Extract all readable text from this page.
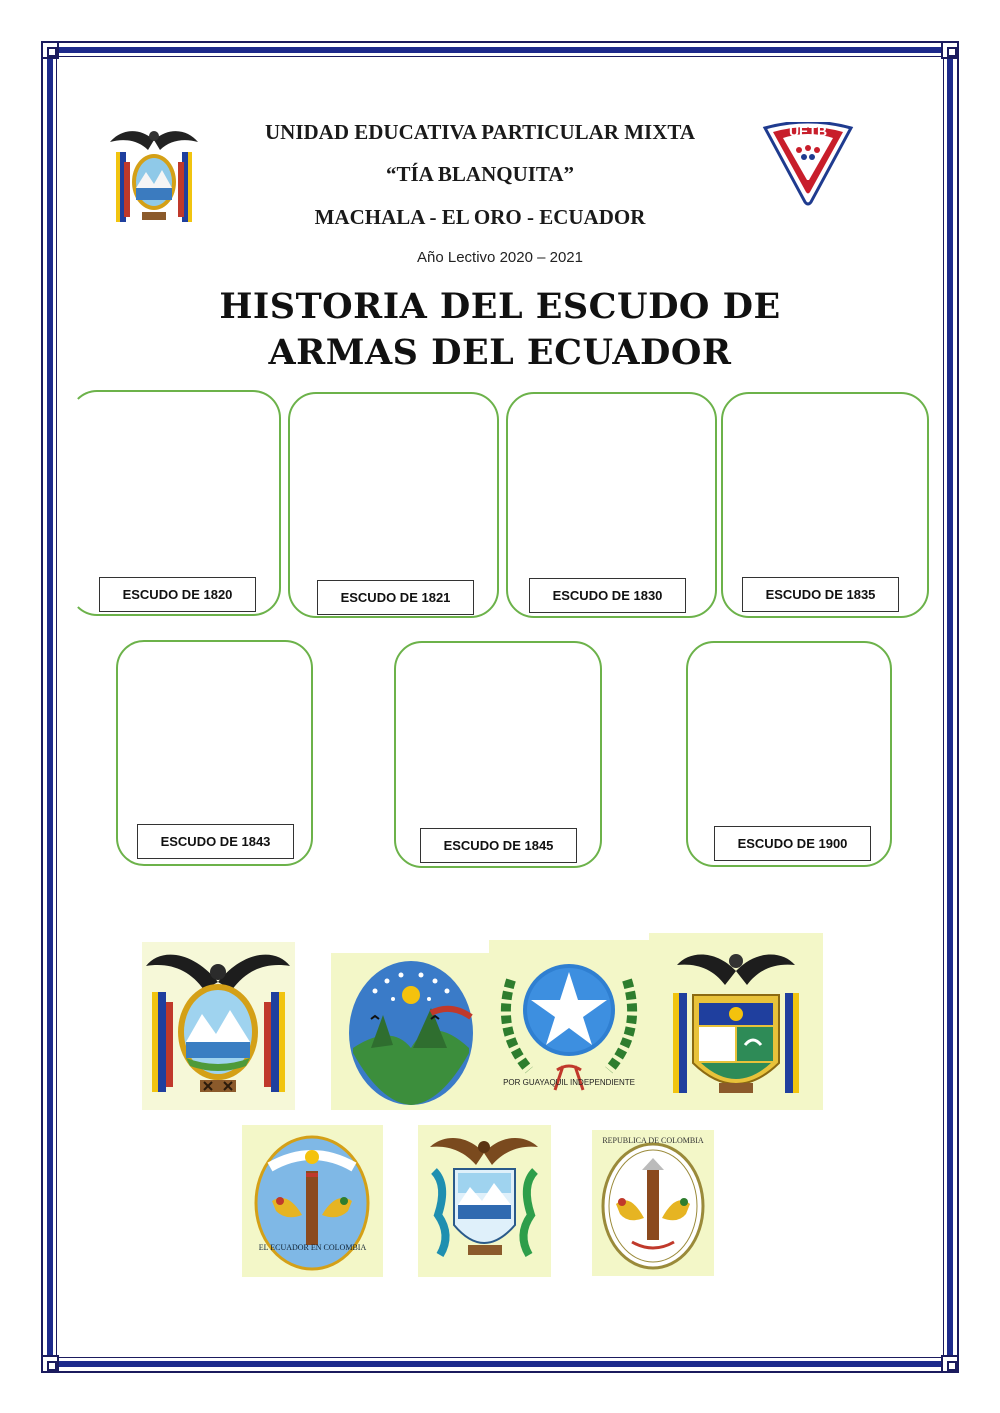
UETB
UNIDAD EDUCATIVA PARTICULAR MIXTA
“TÍA BLANQUITA”
MACHALA - EL ORO - ECUADOR
Año Lectivo 2020 – 2021
HISTORIA DEL ESCUDO DE
ARMAS DEL ECUADOR
ESCUDO DE 1820	ESCUDO DE 1821	ESCUDO DE 1830	ESCUDO DE 1835
ESCUDO DE 1843	ESCUDO DE 1845	ESCUDO DE 1900
POR GUAYAQUIL INDEPENDIENTE
EL ECUADOR EN COLOMBIA
REPUBLICA DE COLOMBIA
